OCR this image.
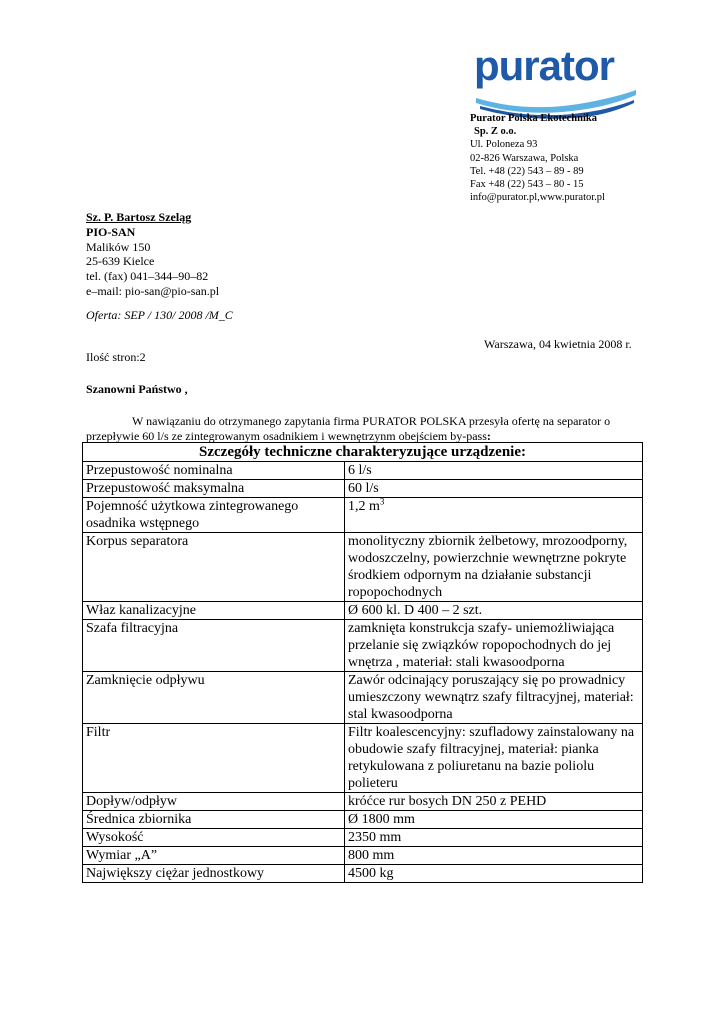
purator
Purator Polska Ekotechnika
Sp. Z o.o.
Ul. Poloneza 93
02-826 Warszawa, Polska
Tel. +48 (22) 543 – 89 - 89
Fax +48 (22) 543 – 80 - 15
info@purator.pl,www.purator.pl
Sz. P. Bartosz Szeląg
PIO-SAN
Malików 150
25-639 Kielce
tel. (fax) 041–344–90–82
e–mail: pio-san@pio-san.pl
Oferta: SEP / 130/ 2008 /M_C
Warszawa, 04 kwietnia 2008 r.
Ilość stron:2
Szanowni Państwo ,
W nawiązaniu do otrzymanego zapytania firma PURATOR POLSKA przesyła ofertę na separator o
przepływie 60 l/s ze zintegrowanym osadnikiem i wewnętrzynm obejściem by-pass:
Szczegóły techniczne charakteryzujące urządzenie:	
Przepustowość nominalna	6 l/s
Przepustowość maksymalna	60 l/s
Pojemność użytkowa zintegrowanego osadnika wstępnego	1,2 $m^3$
Korpus separatora	monolityczny zbiornik żelbetowy, mrozoodporny, wodoszczelny, powierzchnie wewnętrzne pokryte środkiem odpornym na działanie substancji ropopochodnych
Właz kanalizacyjne	Ø 600 kl. D 400 – 2 szt.
Szafa filtracyjna	zamknięta konstrukcja szafy- uniemożliwiająca przelanie się związków ropopochodnych do jej wnętrza , materiał: stali kwasoodporna
Zamknięcie odpływu	Zawór odcinający poruszający się po prowadnicy umieszczony wewnątrz szafy filtracyjnej, materiał: stal kwasoodporna
Filtr	Filtr koalescencyjny: szufladowy zainstalowany na obudowie szafy filtracyjnej, materiał: pianka retykulowana z poliuretanu na bazie poliolu polieteru
Dopływ/odpływ	króćce rur bosych DN 250 z PEHD
Średnica zbiornika	Ø 1800 mm
Wysokość	2350 mm
Wymiar „A”	800 mm
Największy ciężar jednostkowy	4500 kg
